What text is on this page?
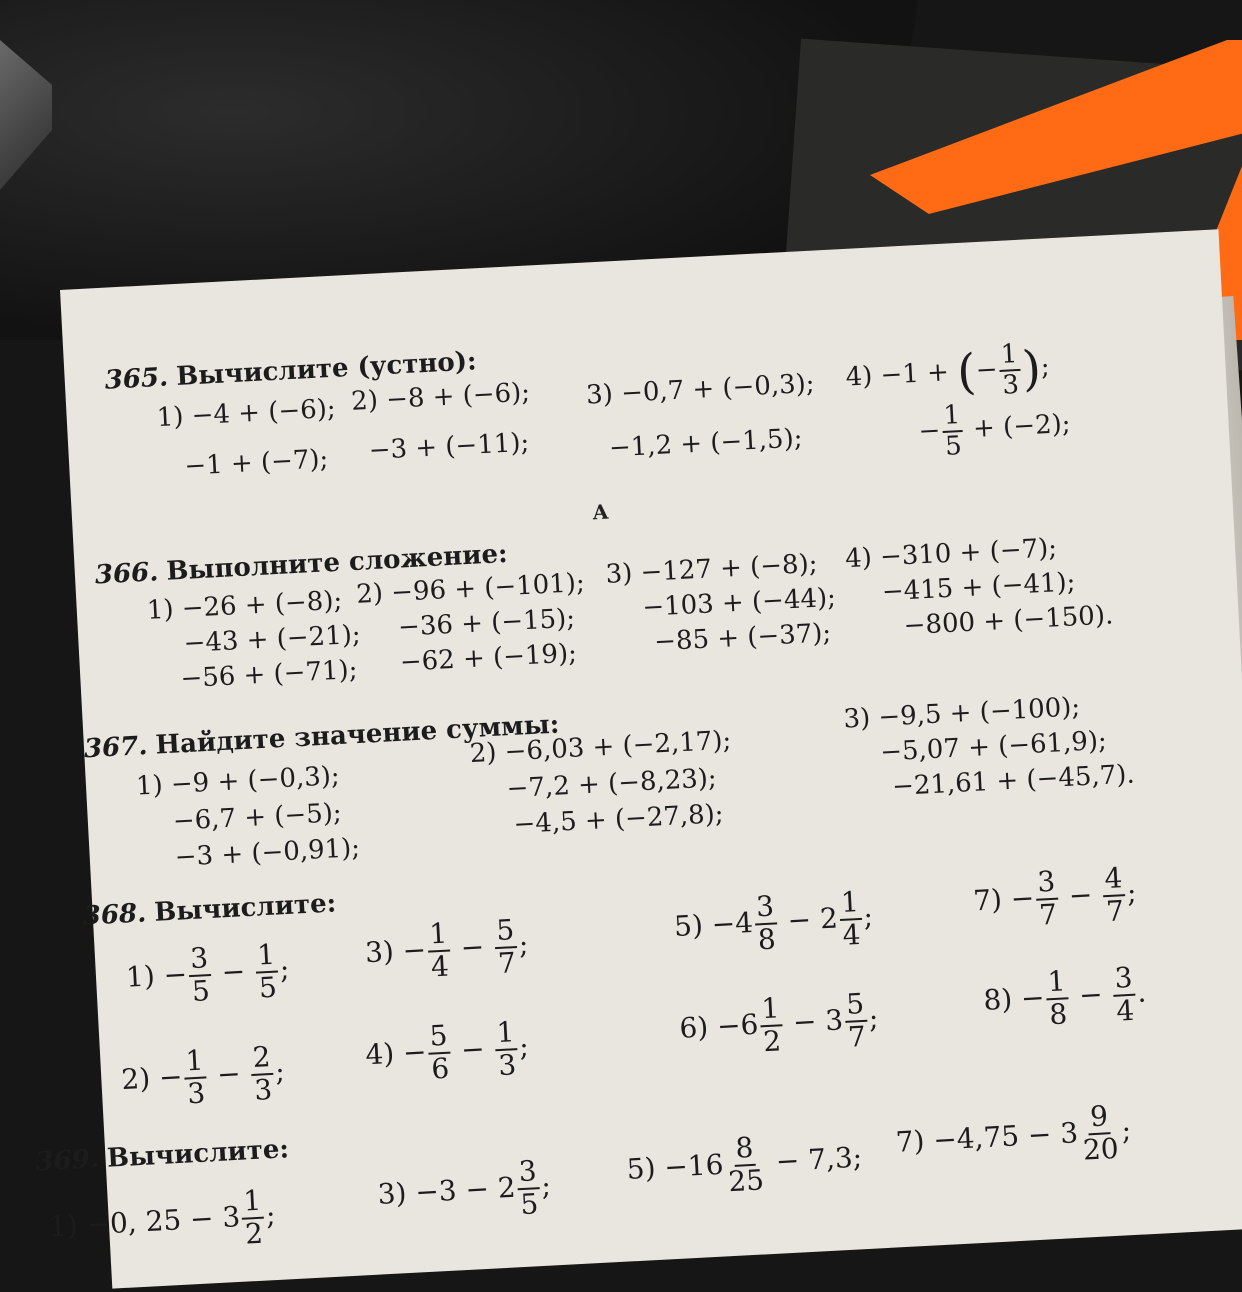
365. Вычислите (устно):
1) −4 + (−6);
−1 + (−7);
2) −8 + (−6);
−3 + (−11);
3) −0,7 + (−0,3);
−1,2 + (−1,5);
4) −1 + (− $\frac{1}{3}$
);
− $\frac{1}{5} + (-2)$;
А
366. Выполните сложение:
1) −26 + (−8); 2) −96 + (−101); 3) −127 + (−8); 4) −310 + (−7);
−43 + (−21); −36 + (−15);
−103 + (−44); −415 + (−41);
−56 + (−71); −62 + (−19);
−85 + (−37);	−800 + (−150).
367. Найдите значение суммы:
1) −9 + (−0,3);
2) −6,03 + (−2,17);
3) −9,5 + (−100);
−6,7 + (−5);
−7,2 + (−8,23);
−5,07 + (−61,9);
−3 + (−0,91);
−4,5 + (−27,8);
−21,61 + (−45,7).
368. Вычислите:
$1) - \frac{3}{5} - \frac{1}{5}$ ;	$3) - \frac{1}{4} - \frac{5}{7}$ ;
$5) -4 \frac{3}{8} - 2 \frac{1}{4}$ ;	$7) - \frac{3}{7} - \frac{4}{7}$ ;
$2) - \frac{1}{3} - \frac{2}{3}$ ;
$4) - \frac{5}{6} - \frac{1}{3}$ ;
$6) -6 \frac{1}{2} - 3 \frac{5}{7}$ ;
$8) - \frac{1}{8} - \frac{3}{4}$ .
369. Вычислите:
1) −0, $25 - 3 \frac{1}{2}$ ;
$3) -3 - 2 \frac{3}{5}$ ;	$5) -16 \frac{8}{25} - 7,3$;
$7) -4,75 - 3 \frac{9}{20}$ ;
